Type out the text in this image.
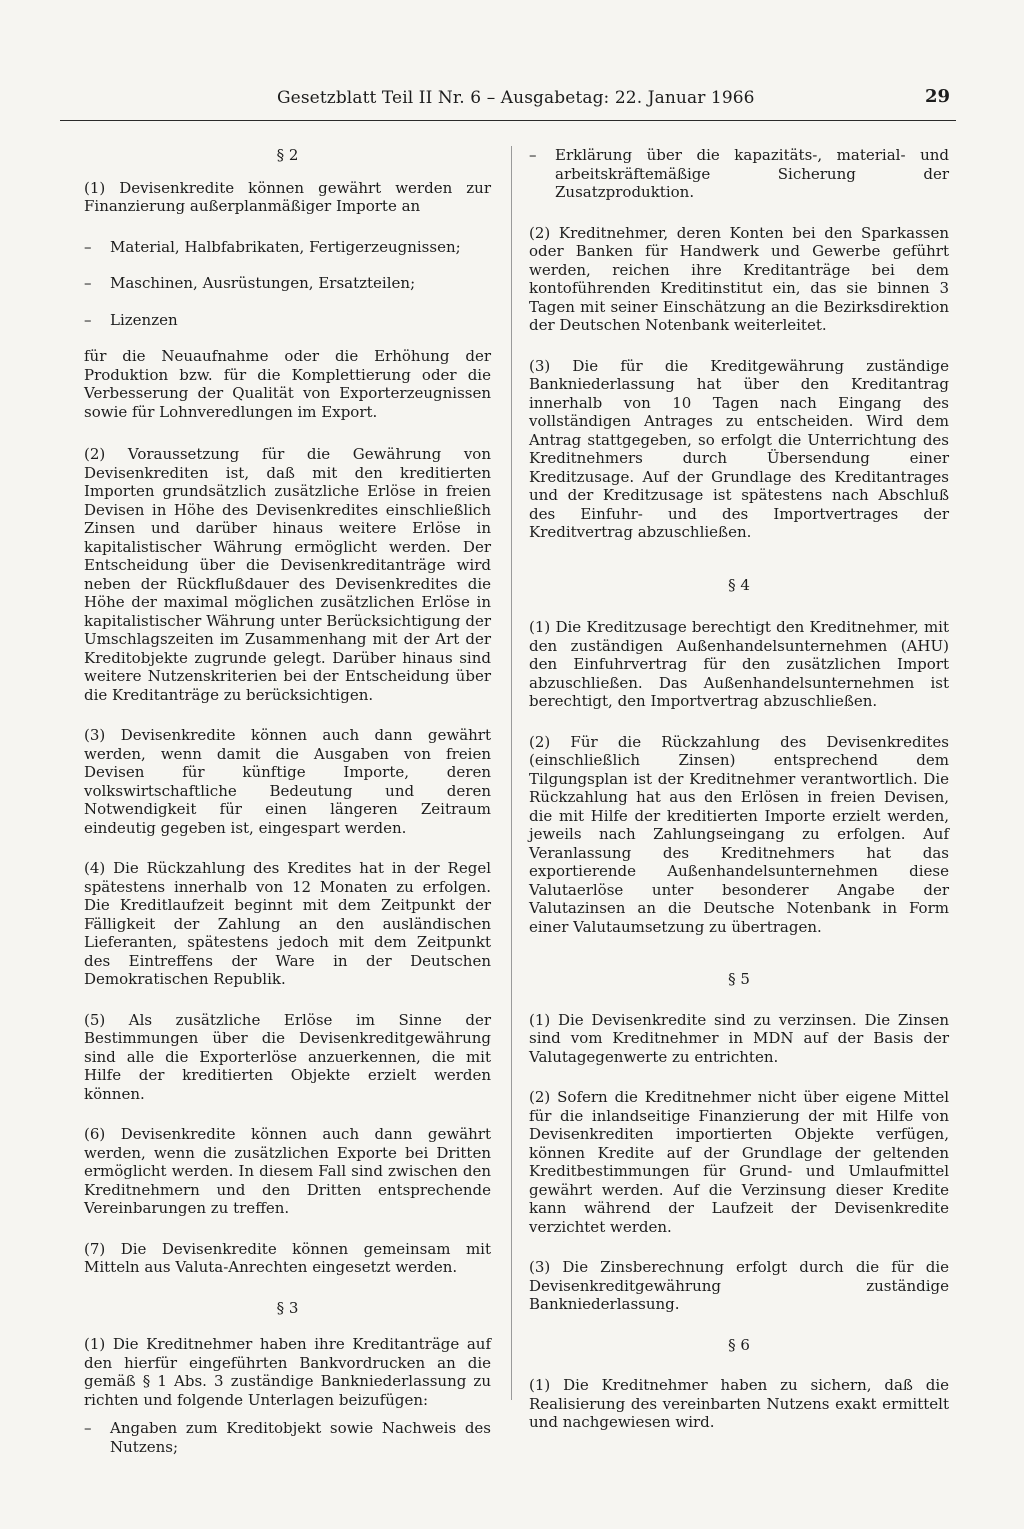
Gesetzblatt Teil II Nr. 6 – Ausgabetag: 22. Januar 1966	29
§ 2
(1) Devisenkredite können gewährt werden zur Finanzierung außerplanmäßiger Importe an
–	Material, Halbfabrikaten, Fertigerzeugnissen;
–	Maschinen, Ausrüstungen, Ersatzteilen;
–	Lizenzen
für die Neuaufnahme oder die Erhöhung der Produktion bzw. für die Komplettierung oder die Verbesserung der Qualität von Exporterzeugnissen sowie für Lohnveredlungen im Export.
(2) Voraussetzung für die Gewährung von Devisenkrediten ist, daß mit den kreditierten Importen grundsätzlich zusätzliche Erlöse in freien Devisen in Höhe des Devisenkredites einschließlich Zinsen und darüber hinaus weitere Erlöse in kapitalistischer Währung ermöglicht werden. Der Entscheidung über die Devisenkreditanträge wird neben der Rückflußdauer des Devisenkredites die Höhe der maximal möglichen zusätzlichen Erlöse in kapitalistischer Währung unter Berücksichtigung der Umschlagszeiten im Zusammenhang mit der Art der Kreditobjekte zugrunde gelegt. Darüber hinaus sind weitere Nutzenskriterien bei der Entscheidung über die Kreditanträge zu berücksichtigen.
(3) Devisenkredite können auch dann gewährt werden, wenn damit die Ausgaben von freien Devisen für künftige Importe, deren volkswirtschaftliche Bedeutung und deren Notwendigkeit für einen längeren Zeitraum eindeutig gegeben ist, eingespart werden.
(4) Die Rückzahlung des Kredites hat in der Regel spätestens innerhalb von 12 Monaten zu erfolgen. Die Kreditlaufzeit beginnt mit dem Zeitpunkt der Fälligkeit der Zahlung an den ausländischen Lieferanten, spätestens jedoch mit dem Zeitpunkt des Eintreffens der Ware in der Deutschen Demokratischen Republik.
(5) Als zusätzliche Erlöse im Sinne der Bestimmungen über die Devisenkreditgewährung sind alle die Exporterlöse anzuerkennen, die mit Hilfe der kreditierten Objekte erzielt werden können.
(6) Devisenkredite können auch dann gewährt werden, wenn die zusätzlichen Exporte bei Dritten ermöglicht werden. In diesem Fall sind zwischen den Kreditnehmern und den Dritten entsprechende Vereinbarungen zu treffen.
(7) Die Devisenkredite können gemeinsam mit Mitteln aus Valuta-Anrechten eingesetzt werden.
§ 3
(1) Die Kreditnehmer haben ihre Kreditanträge auf den hierfür eingeführten Bankvordrucken an die gemäß § 1 Abs. 3 zuständige Bankniederlassung zu richten und folgende Unterlagen beizufügen:
–	Angaben zum Kreditobjekt sowie Nachweis des Nutzens;
–	Erklärung über die kapazitäts-, material- und arbeitskräftemäßige Sicherung der Zusatzproduktion.
(2) Kreditnehmer, deren Konten bei den Sparkassen oder Banken für Handwerk und Gewerbe geführt werden, reichen ihre Kreditanträge bei dem kontoführenden Kreditinstitut ein, das sie binnen 3 Tagen mit seiner Einschätzung an die Bezirksdirektion der Deutschen Notenbank weiterleitet.
(3) Die für die Kreditgewährung zuständige Bankniederlassung hat über den Kreditantrag innerhalb von 10 Tagen nach Eingang des vollständigen Antrages zu entscheiden. Wird dem Antrag stattgegeben, so erfolgt die Unterrichtung des Kreditnehmers durch Übersendung einer Kreditzusage. Auf der Grundlage des Kreditantrages und der Kreditzusage ist spätestens nach Abschluß des Einfuhr- und des Importvertrages der Kreditvertrag abzuschließen.
§ 4
(1) Die Kreditzusage berechtigt den Kreditnehmer, mit den zuständigen Außenhandelsunternehmen (AHU) den Einfuhrvertrag für den zusätzlichen Import abzuschließen. Das Außenhandelsunternehmen ist berechtigt, den Importvertrag abzuschließen.
(2) Für die Rückzahlung des Devisenkredites (einschließlich Zinsen) entsprechend dem Tilgungsplan ist der Kreditnehmer verantwortlich. Die Rückzahlung hat aus den Erlösen in freien Devisen, die mit Hilfe der kreditierten Importe erzielt werden, jeweils nach Zahlungseingang zu erfolgen. Auf Veranlassung des Kreditnehmers hat das exportierende Außenhandelsunternehmen diese Valutaerlöse unter besonderer Angabe der Valutazinsen an die Deutsche Notenbank in Form einer Valutaumsetzung zu übertragen.
§ 5
(1) Die Devisenkredite sind zu verzinsen. Die Zinsen sind vom Kreditnehmer in MDN auf der Basis der Valutagegenwerte zu entrichten.
(2) Sofern die Kreditnehmer nicht über eigene Mittel für die inlandseitige Finanzierung der mit Hilfe von Devisenkrediten importierten Objekte verfügen, können Kredite auf der Grundlage der geltenden Kreditbestimmungen für Grund- und Umlaufmittel gewährt werden. Auf die Verzinsung dieser Kredite kann während der Laufzeit der Devisenkredite verzichtet werden.
(3) Die Zinsberechnung erfolgt durch die für die Devisenkreditgewährung zuständige Bankniederlassung.
§ 6
(1) Die Kreditnehmer haben zu sichern, daß die Realisierung des vereinbarten Nutzens exakt ermittelt und nachgewiesen wird.
